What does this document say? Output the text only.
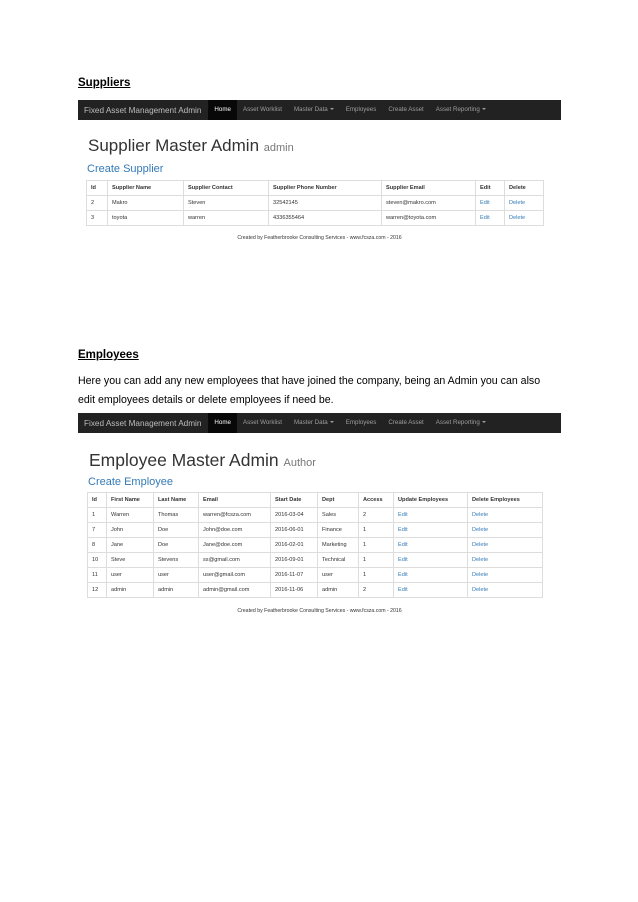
Suppliers
Fixed Asset Management Admin	Home	Asset Worklist	Master Data	Employees	Create Asset	Asset Reporting
Supplier Master Admin admin
Create Supplier
Id	Supplier Name	Supplier Contact	Supplier Phone Number	Supplier Email	Edit	Delete
2	Makro	Steven	32542145	steven@makro.com	Edit	Delete
3	toyota	warren	4336355464	warren@toyota.com	Edit	Delete
Created by Featherbrooke Consulting Services - www.fcsza.com - 2016
Employees

Here you can add any new employees that have joined the company, being an Admin you can also
edit employees details or delete employees if need be.

Fixed Asset Management Admin	Home	Asset Worklist	Master Data	Employees	Create Asset	Asset Reporting
Employee Master Admin Author
Create Employee
Id	First Name	Last Name	Email	Start Date	Dept	Access	Update Employees	Delete Employees
1	Warren	Thomas	warren@fcsza.com	2016-03-04	Sales	2	Edit	Delete
7	John	Doe	John@doe.com	2016-06-01	Finance	1	Edit	Delete
8	Jane	Doe	Jane@doe.com	2016-02-01	Marketing	1	Edit	Delete
10	Steve	Stevens	ss@gmail.com	2016-09-01	Technical	1	Edit	Delete
11	user	user	user@gmail.com	2016-11-07	user	1	Edit	Delete
12	admin	admin	admin@gmail.com	2016-11-06	admin	2	Edit	Delete
Created by Featherbrooke Consulting Services - www.fcsza.com - 2016
